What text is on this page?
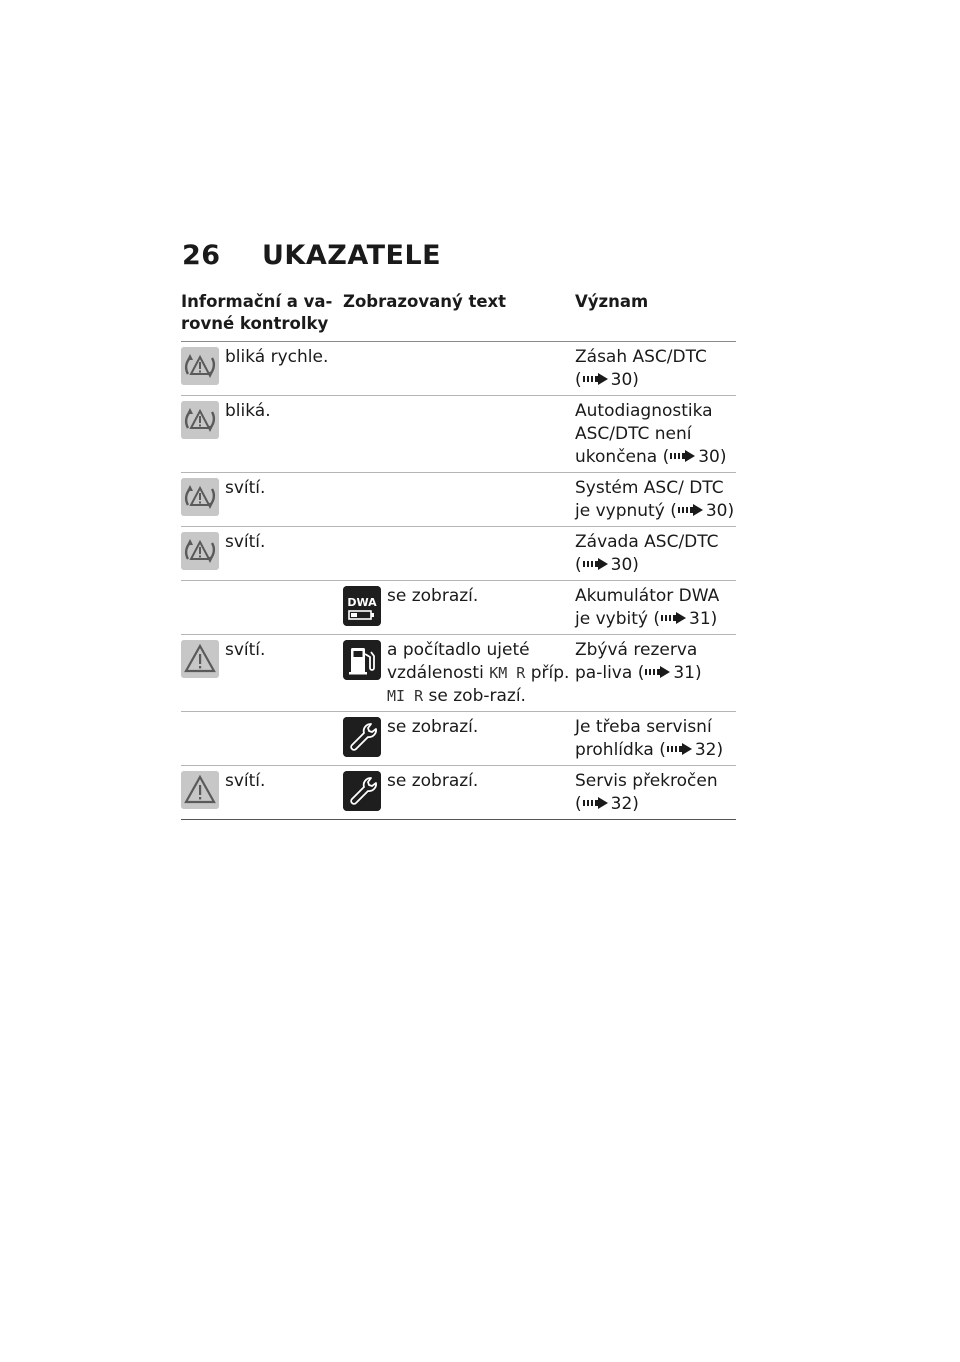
26 UKAZATELE
Informační a va-
rovné kontrolky	Zobrazovaný text	Význam

bliká rychle.		Zásah ASC/DTC ( 30)

bliká.		Autodiagnostika ASC/DTC není ukončena ( 30)

svítí.		Systém ASC/ DTC je vypnutý ( 30)

svítí.		Závada ASC/DTC ( 30)

	se zobrazí.	Akumulátor DWA je vybitý ( 31)

svítí.	a počítadlo ujeté vzdálenosti KM R příp. MI R se zob-razí.	Zbývá rezerva pa-liva ( 31)

	se zobrazí.	Je třeba servisní prohlídka ( 32)

svítí.	se zobrazí.	Servis překročen ( 32)
